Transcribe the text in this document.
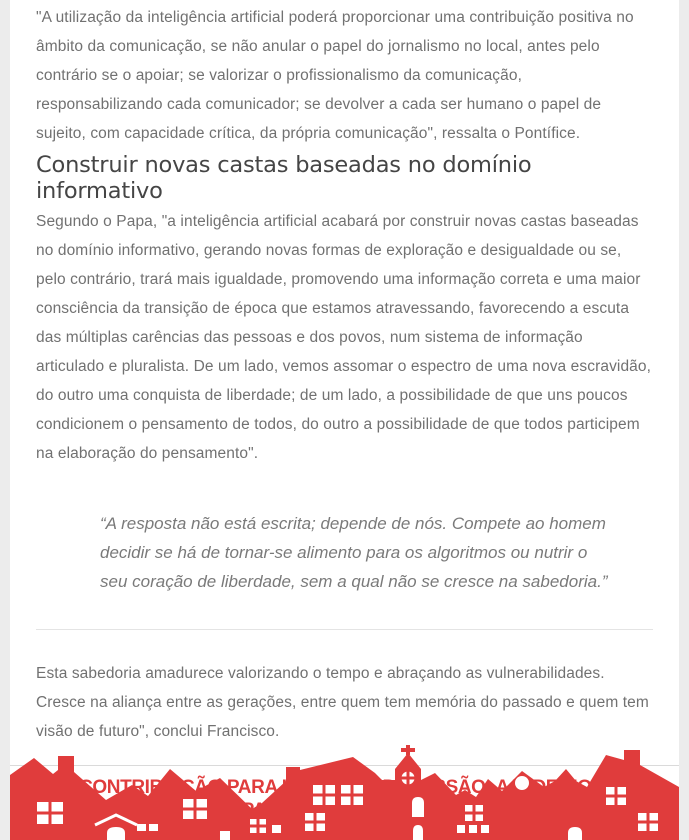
"A utilização da inteligência artificial poderá proporcionar uma contribuição positiva no âmbito da comunicação, se não anular o papel do jornalismo no local, antes pelo contrário se o apoiar; se valorizar o profissionalismo da comunicação, responsabilizando cada comunicador; se devolver a cada ser humano o papel de sujeito, com capacidade crítica, da própria comunicação", ressalta o Pontífice.

Construir novas castas baseadas no domínio informativo

Segundo o Papa, "a inteligência artificial acabará por construir novas castas baseadas no domínio informativo, gerando novas formas de exploração e desigualdade ou se, pelo contrário, trará mais igualdade, promovendo uma informação correta e uma maior consciência da transição de época que estamos atravessando, favorecendo a escuta das múltiplas carências das pessoas e dos povos, num sistema de informação articulado e pluralista. De um lado, vemos assomar o espectro de uma nova escravidão, do outro uma conquista de liberdade; de um lado, a possibilidade de que uns poucos condicionem o pensamento de todos, do outro a possibilidade de que todos participem na elaboração do pensamento".

“A resposta não está escrita; depende de nós. Compete ao homem decidir se há de tornar-se alimento para os algoritmos ou nutrir o seu coração de liberdade, sem a qual não se cresce na sabedoria.”

Esta sabedoria amadurece valorizando o tempo e abraçando as vulnerabilidades. Cresce na aliança entre as gerações, entre quem tem memória do passado e quem tem visão de futuro", conclui Francisco.

CONTRIBUIÇÃO PARA MISSÃO:
